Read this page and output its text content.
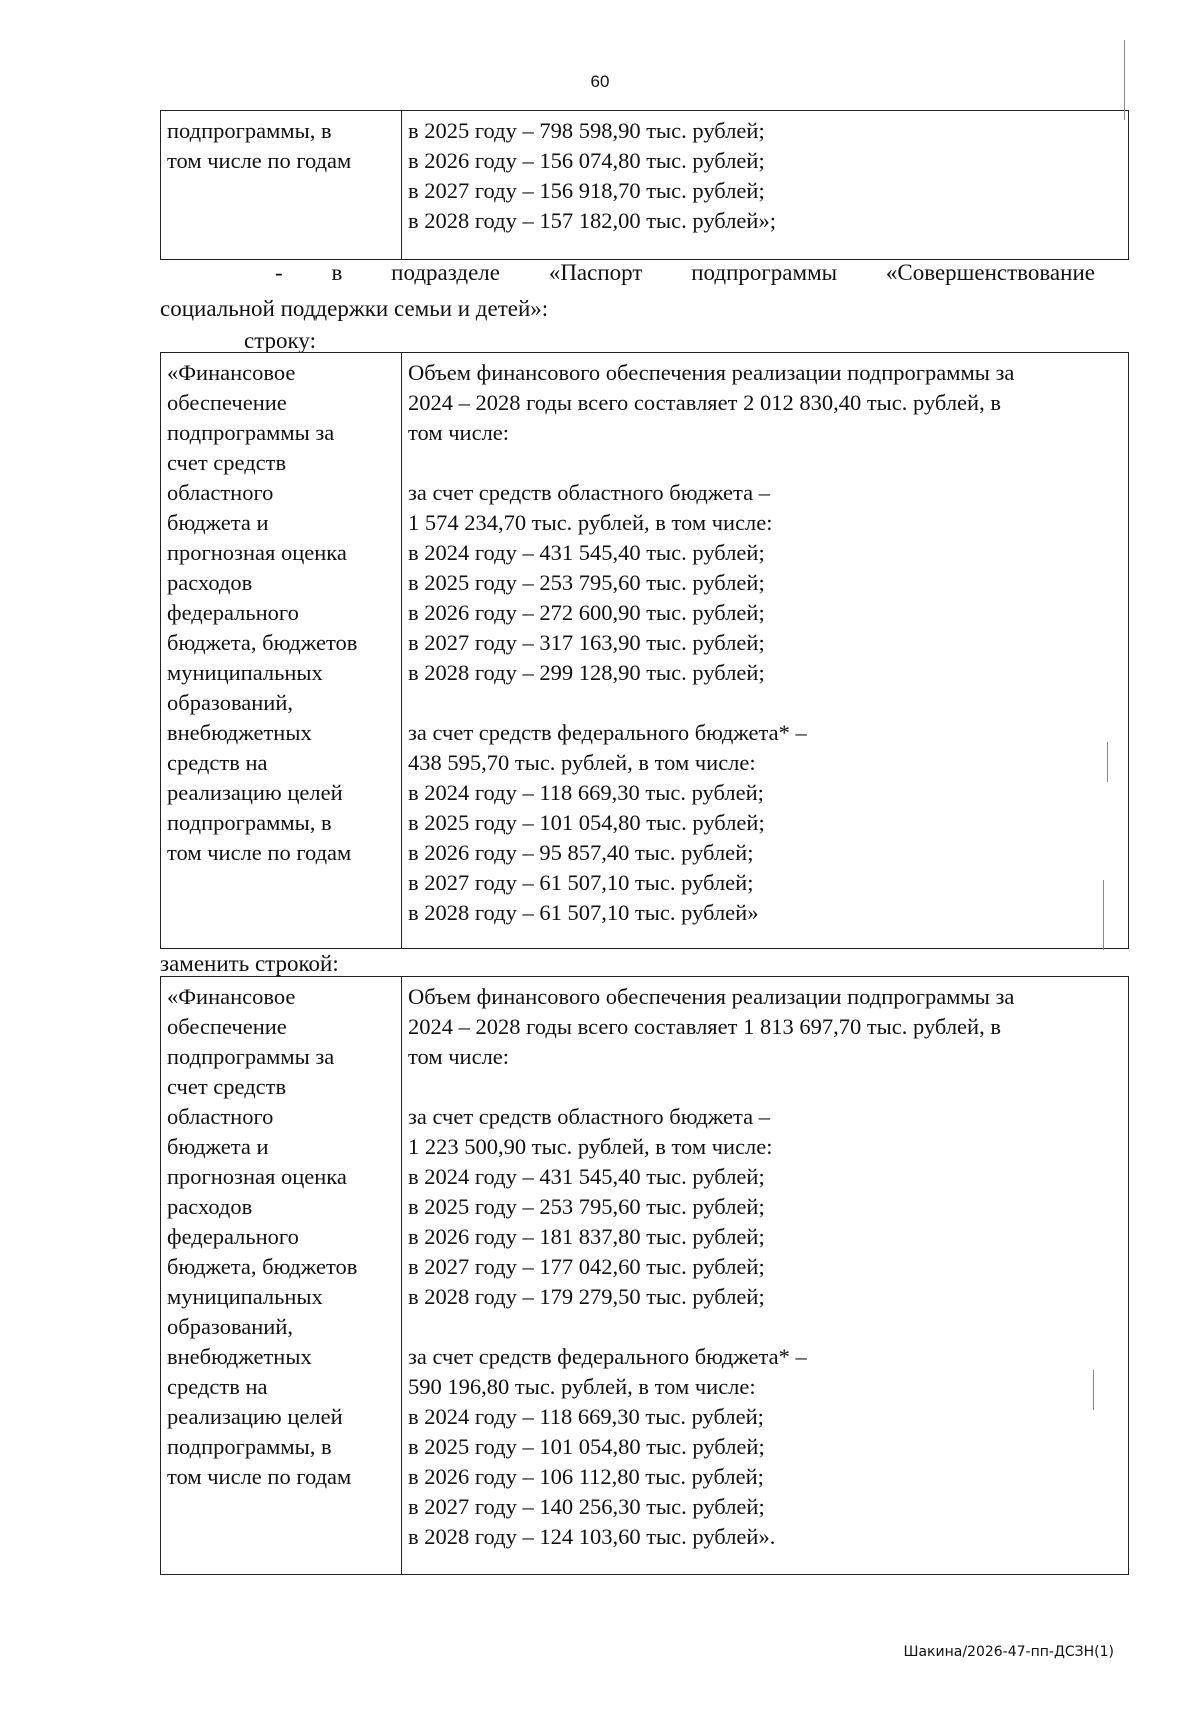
60
подпрограммы, в
том числе по годам
в 2025 году – 798 598,90 тыс. рублей;
в 2026 году – 156 074,80 тыс. рублей;
в 2027 году – 156 918,70 тыс. рублей;
в 2028 году – 157 182,00 тыс. рублей»;
- в подразделе «Паспорт подпрограммы «Совершенствование
социальной поддержки семьи и детей»:
строку:
«Финансовое
обеспечение
подпрограммы за
счет средств
областного
бюджета и
прогнозная оценка
расходов
федерального
бюджета, бюджетов
муниципальных
образований,
внебюджетных
средств на
реализацию целей
подпрограммы, в
том числе по годам
Объем финансового обеспечения реализации подпрограммы за
2024 – 2028 годы всего составляет 2 012 830,40 тыс. рублей, в
том числе:
за счет средств областного бюджета –
1 574 234,70 тыс. рублей, в том числе:
в 2024 году – 431 545,40 тыс. рублей;
в 2025 году – 253 795,60 тыс. рублей;
в 2026 году – 272 600,90 тыс. рублей;
в 2027 году – 317 163,90 тыс. рублей;
в 2028 году – 299 128,90 тыс. рублей;
за счет средств федерального бюджета* –
438 595,70 тыс. рублей, в том числе:
в 2024 году – 118 669,30 тыс. рублей;
в 2025 году – 101 054,80 тыс. рублей;
в 2026 году – 95 857,40 тыс. рублей;
в 2027 году – 61 507,10 тыс. рублей;
в 2028 году – 61 507,10 тыс. рублей»
заменить строкой:
«Финансовое
обеспечение
подпрограммы за
счет средств
областного
бюджета и
прогнозная оценка
расходов
федерального
бюджета, бюджетов
муниципальных
образований,
внебюджетных
средств на
реализацию целей
подпрограммы, в
том числе по годам
Объем финансового обеспечения реализации подпрограммы за
2024 – 2028 годы всего составляет 1 813 697,70 тыс. рублей, в
том числе:
за счет средств областного бюджета –
1 223 500,90 тыс. рублей, в том числе:
в 2024 году – 431 545,40 тыс. рублей;
в 2025 году – 253 795,60 тыс. рублей;
в 2026 году – 181 837,80 тыс. рублей;
в 2027 году – 177 042,60 тыс. рублей;
в 2028 году – 179 279,50 тыс. рублей;
за счет средств федерального бюджета* –
590 196,80 тыс. рублей, в том числе:
в 2024 году – 118 669,30 тыс. рублей;
в 2025 году – 101 054,80 тыс. рублей;
в 2026 году – 106 112,80 тыс. рублей;
в 2027 году – 140 256,30 тыс. рублей;
в 2028 году – 124 103,60 тыс. рублей».
Шакина/2026-47-пп-ДСЗН(1)
